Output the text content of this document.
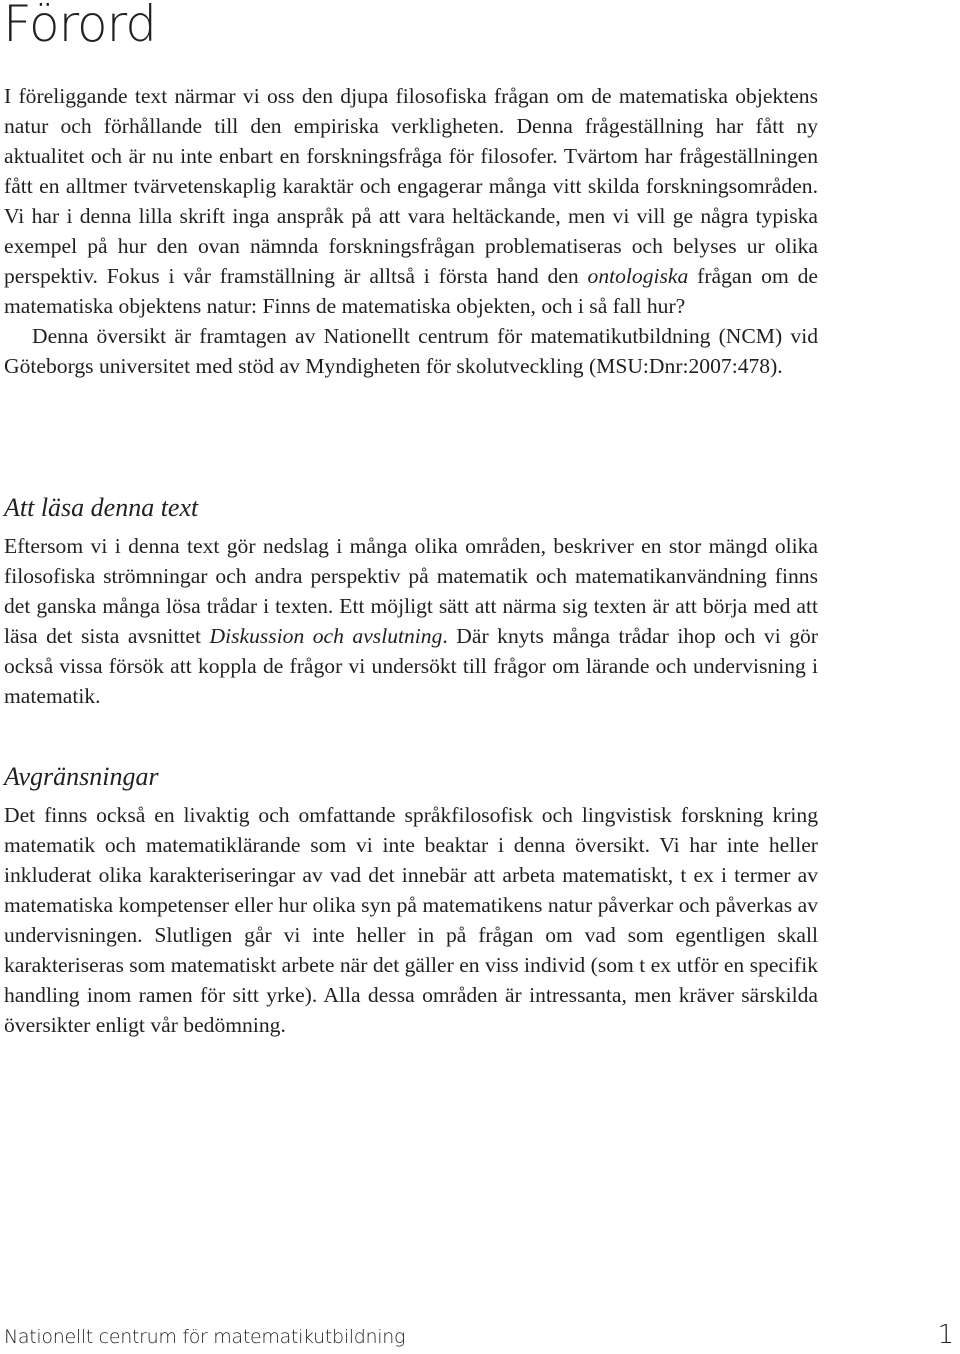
Förord

I föreliggande text närmar vi oss den djupa filosofiska frågan om de matematiska objektens natur och förhållande till den empiriska verkligheten. Denna frågeställning har fått ny aktualitet och är nu inte enbart en forskningsfråga för filosofer. Tvärtom har frågeställningen fått en alltmer tvärvetenskaplig karaktär och engagerar många vitt skilda forskningsområden. Vi har i denna lilla skrift inga anspråk på att vara heltäckande, men vi vill ge några typiska exempel på hur den ovan nämnda forskningsfrågan problematiseras och belyses ur olika perspektiv. Fokus i vår framställning är alltså i första hand den ontologiska frågan om de matematiska objektens natur: Finns de matematiska objekten, och i så fall hur?

Denna översikt är framtagen av Nationellt centrum för matematikutbildning (NCM) vid Göteborgs universitet med stöd av Myndigheten för skolutveckling (MSU:Dnr:2007:478).

Att läsa denna text

Eftersom vi i denna text gör nedslag i många olika områden, beskriver en stor mängd olika filosofiska strömningar och andra perspektiv på matematik och matematikanvändning finns det ganska många lösa trådar i texten. Ett möjligt sätt att närma sig texten är att börja med att läsa det sista avsnittet Diskussion och avslutning. Där knyts många trådar ihop och vi gör också vissa försök att koppla de frågor vi undersökt till frågor om lärande och undervisning i matematik.

Avgränsningar

Det finns också en livaktig och omfattande språkfilosofisk och lingvistisk forskning kring matematik och matematiklärande som vi inte beaktar i denna översikt. Vi har inte heller inkluderat olika karakteriseringar av vad det innebär att arbeta matematiskt, t ex i termer av matematiska kompetenser eller hur olika syn på matematikens natur påverkar och påverkas av undervisningen. Slutligen går vi inte heller in på frågan om vad som egentligen skall karakteriseras som matematiskt arbete när det gäller en viss individ (som t ex utför en specifik handling inom ramen för sitt yrke). Alla dessa områden är intressanta, men kräver särskilda översikter enligt vår bedömning.

Nationellt centrum för matematikutbildning	1
